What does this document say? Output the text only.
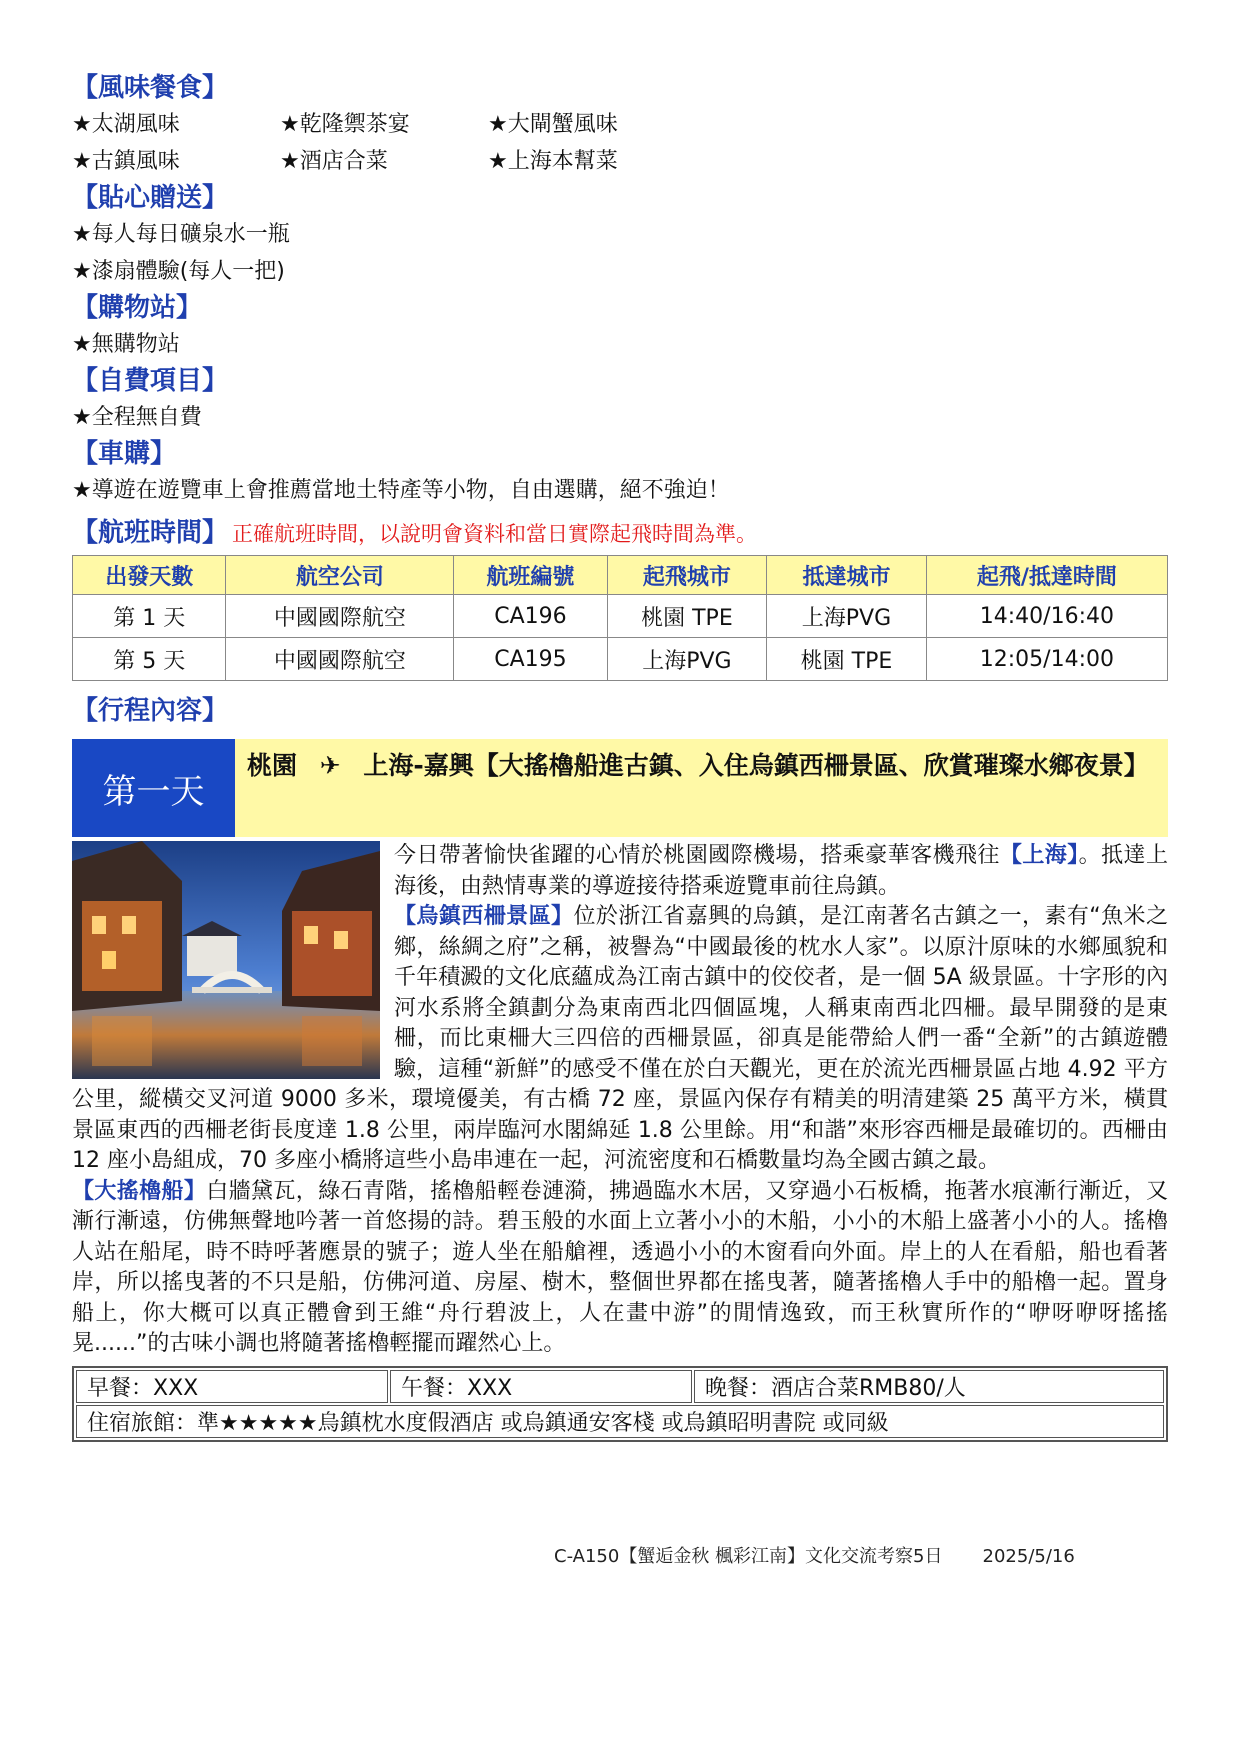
【風味餐食】
★太湖風味	★乾隆禦茶宴	★大閘蟹風味
★古鎮風味	★酒店合菜	★上海本幫菜
【貼心贈送】
★每人每日礦泉水一瓶
★漆扇體驗(每人一把)
【購物站】
★無購物站
【自費項目】
★全程無自費
【車購】
★導遊在遊覽車上會推薦當地土特產等小物，自由選購，絕不強迫！
【航班時間】 正確航班時間，以說明會資料和當日實際起飛時間為準。
出發天數	航空公司	航班編號	起飛城市	抵達城市	起飛/抵達時間
第 1 天	中國國際航空	CA196	桃園 TPE	上海PVG	14:40/16:40
第 5 天	中國國際航空	CA195	上海PVG	桃園 TPE	12:05/14:00
【行程內容】
第一天
桃園 ✈ 上海-嘉興【大搖櫓船進古鎮、入住烏鎮西柵景區、欣賞璀璨水鄉夜景】
今日帶著愉快雀躍的心情於桃園國際機場，搭乘豪華客機飛往【上海】。抵達上海後，由熱情專業的導遊接待搭乘遊覽車前往烏鎮。
【烏鎮西柵景區】位於浙江省嘉興的烏鎮，是江南著名古鎮之一，素有“魚米之鄉，絲綢之府”之稱，被譽為“中國最後的枕水人家”。以原汁原味的水鄉風貌和千年積澱的文化底蘊成為江南古鎮中的佼佼者，是一個 5A 級景區。十字形的內河水系將全鎮劃分為東南西北四個區塊，人稱東南西北四柵。最早開發的是東柵，而比東柵大三四倍的西柵景區，卻真是能帶給人們一番“全新”的古鎮遊體驗，這種“新鮮”的感受不僅在於白天觀光，更在於流光西柵景區占地 4.92 平方公里，縱橫交叉河道 9000 多米，環境優美，有古橋 72 座，景區內保存有精美的明清建築 25 萬平方米，橫貫景區東西的西柵老街長度達 1.8 公里，兩岸臨河水閣綿延 1.8 公里餘。用“和諧”來形容西柵是最確切的。西柵由 12 座小島組成，70 多座小橋將這些小島串連在一起，河流密度和石橋數量均為全國古鎮之最。
【大搖櫓船】白牆黛瓦，綠石青階，搖櫓船輕卷漣漪，拂過臨水木居，又穿過小石板橋，拖著水痕漸行漸近，又漸行漸遠，仿佛無聲地吟著一首悠揚的詩。碧玉般的水面上立著小小的木船，小小的木船上盛著小小的人。搖櫓人站在船尾，時不時呼著應景的號子；遊人坐在船艙裡，透過小小的木窗看向外面。岸上的人在看船，船也看著岸，所以搖曳著的不只是船，仿佛河道、房屋、樹木，整個世界都在搖曳著，隨著搖櫓人手中的船櫓一起。置身船上，你大概可以真正體會到王維“舟行碧波上，人在畫中游”的閒情逸致，而王秋實所作的“咿呀咿呀搖搖晃......”的古味小調也將隨著搖櫓輕擺而躍然心上。
早餐：XXX	午餐：XXX	晚餐：酒店合菜RMB80/人
住宿旅館：準★★★★★烏鎮枕水度假酒店 或烏鎮通安客棧 或烏鎮昭明書院 或同級
C-A150【蟹逅金秋 楓彩江南】文化交流考察5日 2025/5/16
